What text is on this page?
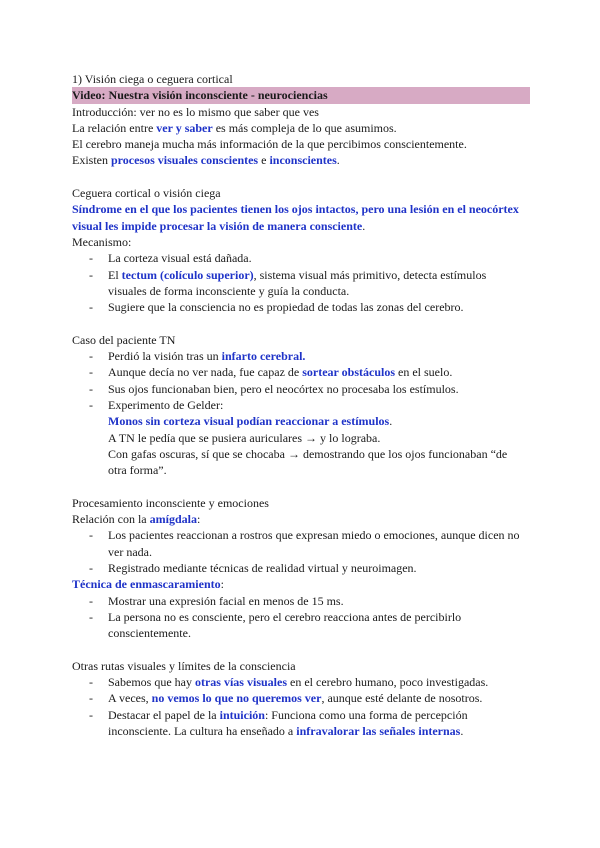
1) Visión ciega o ceguera cortical

Video: Nuestra visión inconsciente - neurociencias

Introducción: ver no es lo mismo que saber que ves

La relación entre ver y saber es más compleja de lo que asumimos.

El cerebro maneja mucha más información de la que percibimos conscientemente.

Existen procesos visuales conscientes e inconscientes.

Ceguera cortical o visión ciega

Síndrome en el que los pacientes tienen los ojos intactos, pero una lesión en el neocórtex visual les impide procesar la visión de manera consciente.

Mecanismo:

- La corteza visual está dañada.
- El tectum (colículo superior), sistema visual más primitivo, detecta estímulos
visuales de forma inconsciente y guía la conducta.
- Sugiere que la consciencia no es propiedad de todas las zonas del cerebro.

Caso del paciente TN

- Perdió la visión tras un infarto cerebral.
- Aunque decía no ver nada, fue capaz de sortear obstáculos en el suelo.
- Sus ojos funcionaban bien, pero el neocórtex no procesaba los estímulos.
- Experimento de Gelder:
Monos sin corteza visual podían reaccionar a estímulos.
A TN le pedía que se pusiera auriculares → y lo lograba.
Con gafas oscuras, sí que se chocaba → demostrando que los ojos funcionaban “de
otra forma”.

Procesamiento inconsciente y emociones

Relación con la amígdala:

- Los pacientes reaccionan a rostros que expresan miedo o emociones, aunque dicen no
ver nada.
- Registrado mediante técnicas de realidad virtual y neuroimagen.

Técnica de enmascaramiento:

- Mostrar una expresión facial en menos de 15 ms.
- La persona no es consciente, pero el cerebro reacciona antes de percibirlo
conscientemente.

Otras rutas visuales y límites de la consciencia

- Sabemos que hay otras vías visuales en el cerebro humano, poco investigadas.
- A veces, no vemos lo que no queremos ver, aunque esté delante de nosotros.
- Destacar el papel de la intuición: Funciona como una forma de percepción
inconsciente. La cultura ha enseñado a infravalorar las señales internas.
